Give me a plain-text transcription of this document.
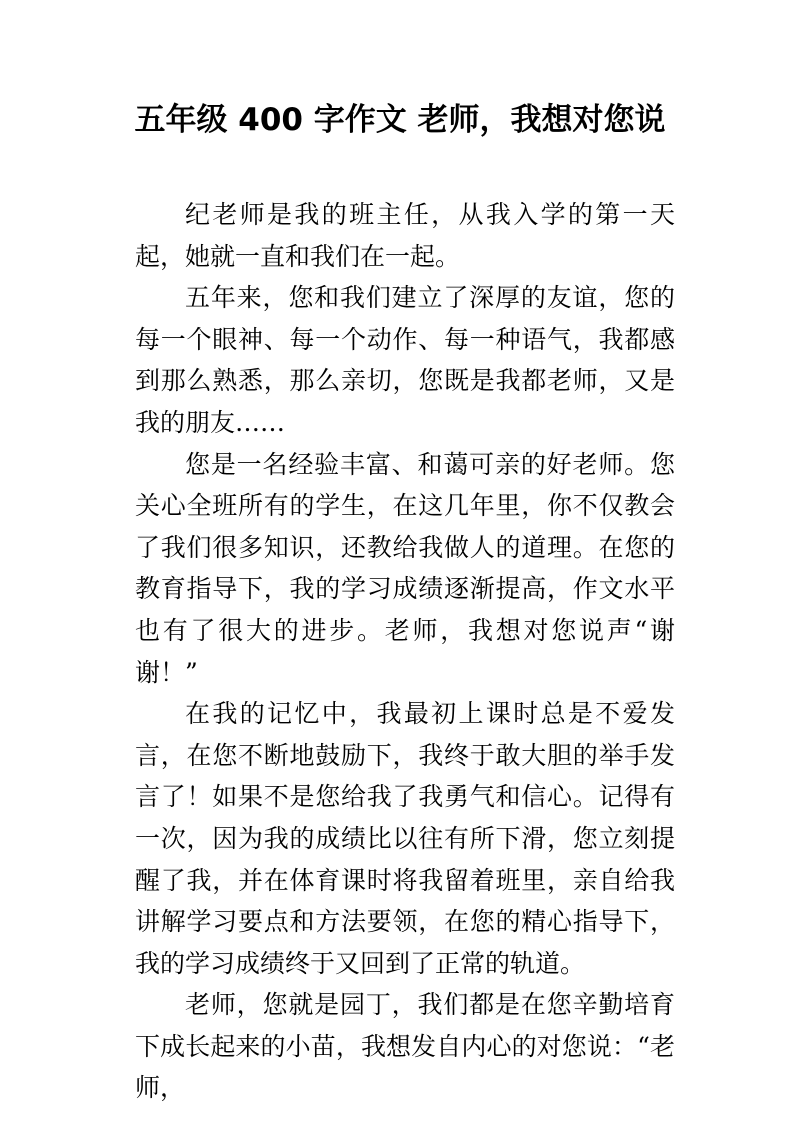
五年级 400 字作文 老师，我想对您说

纪老师是我的班主任，从我入学的第一天起，她就一直和我们在一起。

五年来，您和我们建立了深厚的友谊，您的每一个眼神、每一个动作、每一种语气，我都感到那么熟悉，那么亲切，您既是我都老师，又是我的朋友……

您是一名经验丰富、和蔼可亲的好老师。您关心全班所有的学生，在这几年里，你不仅教会了我们很多知识，还教给我做人的道理。在您的教育指导下，我的学习成绩逐渐提高，作文水平也有了很大的进步。老师，我想对您说声“谢谢！”

在我的记忆中，我最初上课时总是不爱发言，在您不断地鼓励下，我终于敢大胆的举手发言了！如果不是您给我了我勇气和信心。记得有一次，因为我的成绩比以往有所下滑，您立刻提醒了我，并在体育课时将我留着班里，亲自给我讲解学习要点和方法要领，在您的精心指导下，我的学习成绩终于又回到了正常的轨道。

老师，您就是园丁，我们都是在您辛勤培育下成长起来的小苗，我想发自内心的对您说：“老师，
